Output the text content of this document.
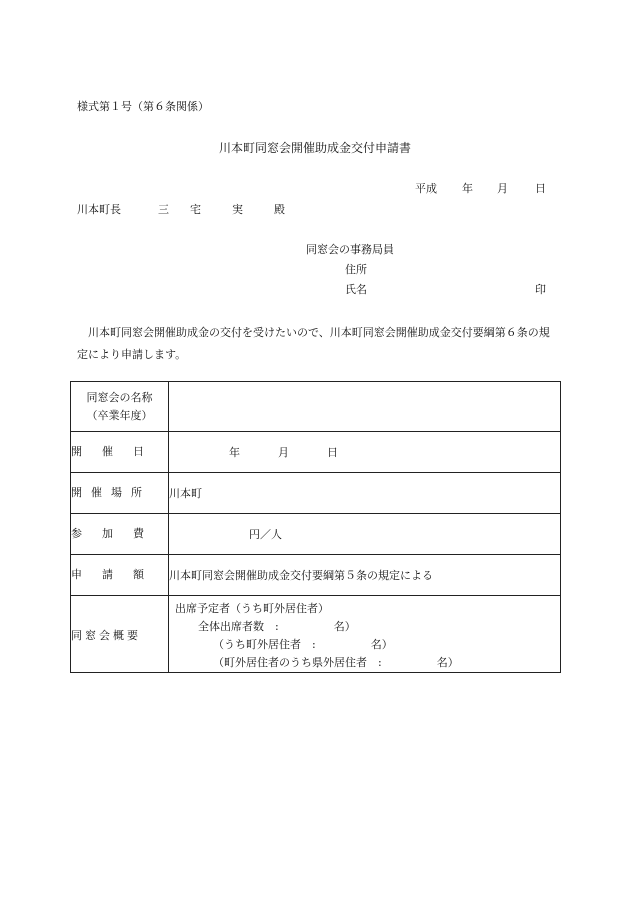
様式第１号（第６条関係）
川本町同窓会開催助成金交付申請書
平成 年 月 日
川本町長	三 宅	実	殿
同窓会の事務局員
住所
氏名	印
川本町同窓会開催助成金の交付を受けたいので、川本町同窓会開催助成金交付要綱第６条の規定により申請します。
同窓会の名称
（卒業年度）	

開 催 日	年 月 日
開 催 場 所	川本町
参 加 費	円／人
申 請 額	川本町同窓会開催助成金交付要綱第５条の規定による
同 窓 会 概 要	出席予定者（うち町外居住者）
全体出席者数　:　　　　　名）
（うち町外居住者　:　　　　　名）
（町外居住者のうち県外居住者　:　　　　　名）
